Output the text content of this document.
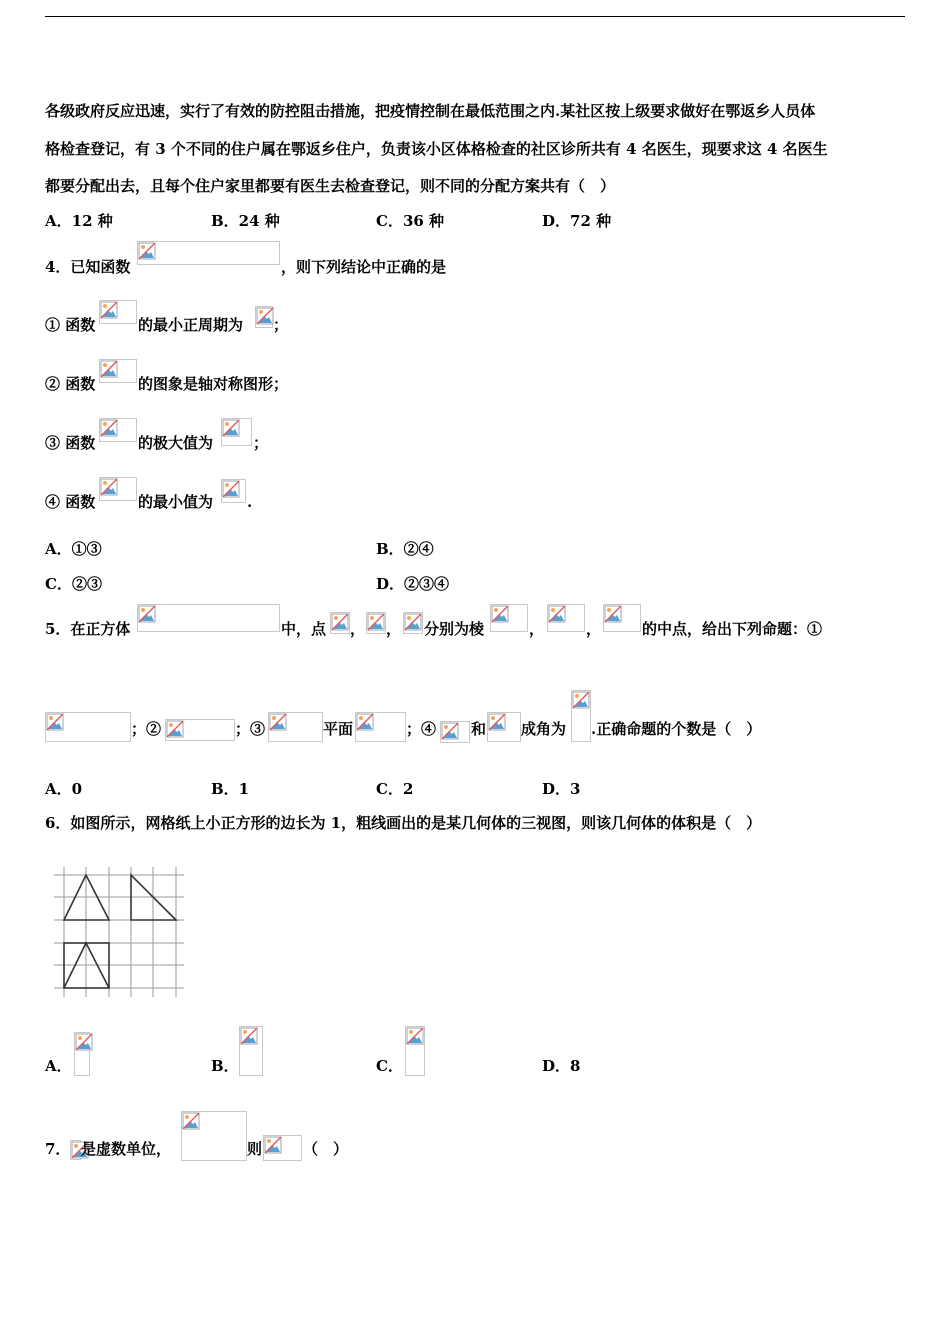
各级政府反应迅速，实行了有效的防控阻击措施，把疫情控制在最低范围之内.某社区按上级要求做好在鄂返乡人员体
格检查登记，有 3 个不同的住户属在鄂返乡住户，负责该小区体格检查的社区诊所共有 4 名医生，现要求这 4 名医生
都要分配出去，且每个住户家里都要有医生去检查登记，则不同的分配方案共有（　）
A．12 种	B．24 种	C．36 种	D．72 种
4．已知函数	，则下列结论中正确的是
① 函数	的最小正周期为 ；
② 函数	的图象是轴对称图形；
③ 函数	的极大值为	；
④ 函数	的最小值为 .
A．①③	B．②④
C．②③	D．②③④
5．在正方体	中，点 ， ， 分别为棱	，	，	的中点，给出下列命题：①
；②	；③	平面	；④ 和 成角为 .正确命题的个数是（　）
A．0	B．1	C．2	D．3
6．如图所示，网格纸上小正方形的边长为 1，粗线画出的是某几何体的三视图，则该几何体的体积是（　）
A．	B．	C．	D．8
7． 是虚数单位，	则	（　）
